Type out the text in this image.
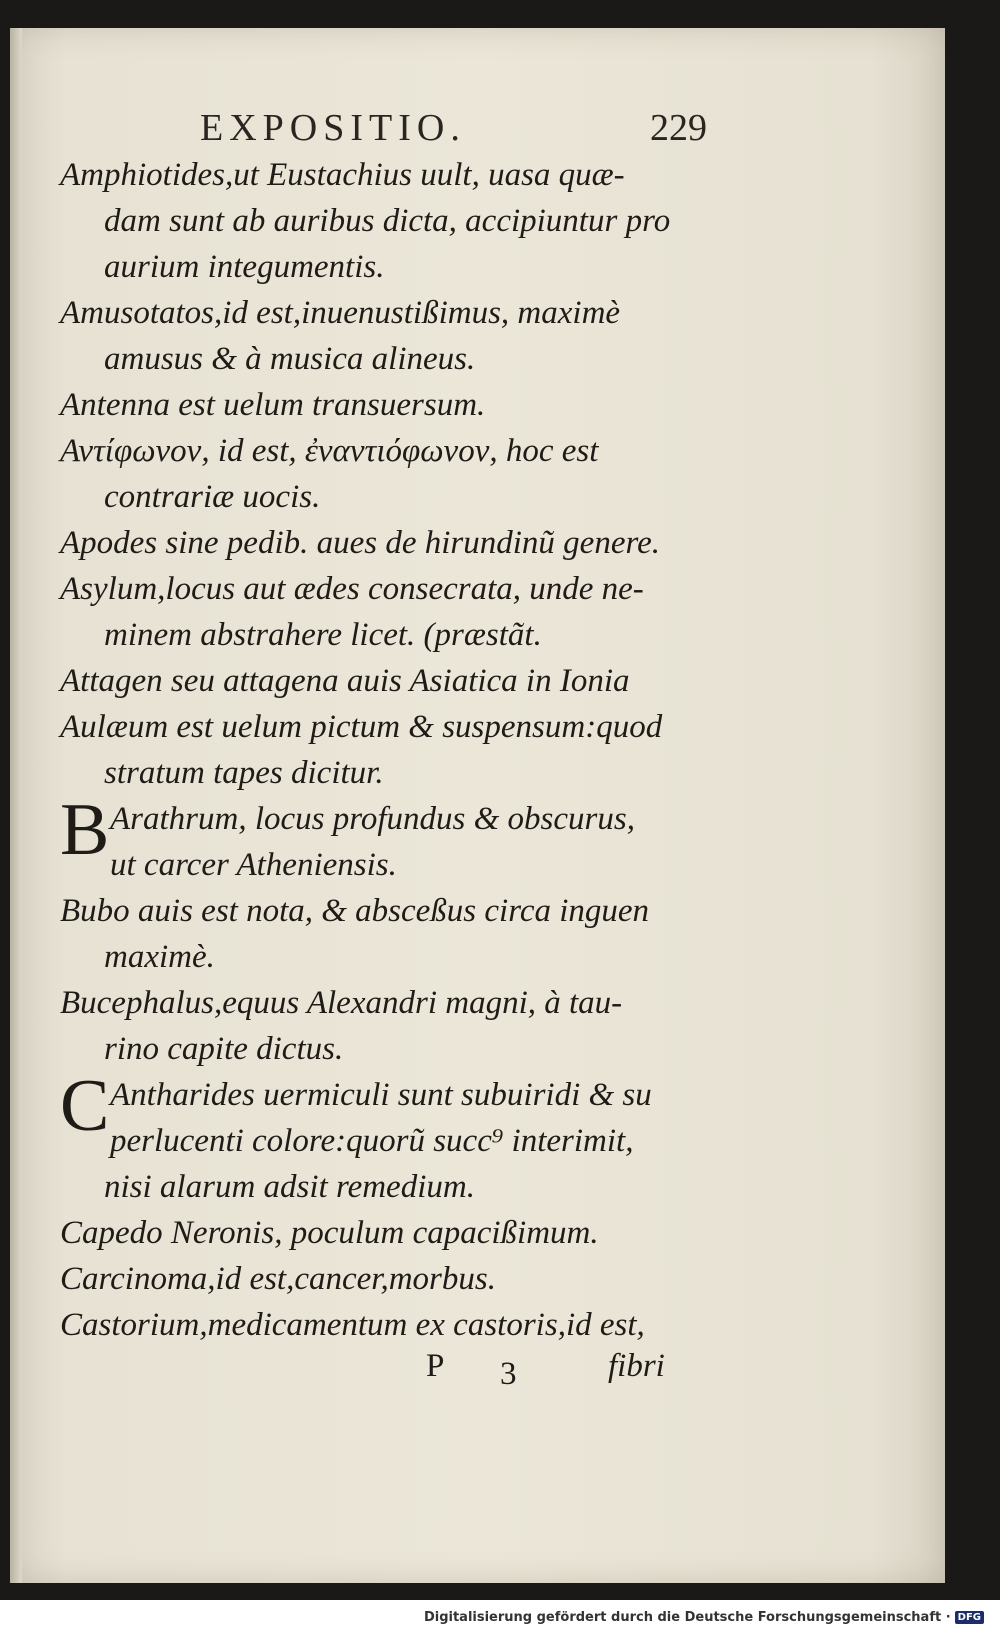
EXPOSITIO.	229
Amphiotides,ut Eustachius uult, uasa quæ-
dam sunt ab auribus dicta, accipiuntur pro
aurium integumentis.
Amusotatos,id est,inuenustißimus, maximè
amusus & à musica alineus.
Antenna est uelum transuersum.
Αντίφωνον, id est, ἐναντιόφωνον, hoc est
contrariæ uocis.
Apodes sine pedib. aues de hirundinũ genere.
Asylum,locus aut ædes consecrata, unde ne-
minem abstrahere licet. (præstãt.
Attagen seu attagena auis Asiatica in Ionia
Aulæum est uelum pictum & suspensum:quod
stratum tapes dicitur.
B Arathrum, locus profundus & obscurus,
ut carcer Atheniensis.
Bubo auis est nota, & absceßus circa inguen
maximè.
Bucephalus,equus Alexandri magni, à tau-
rino capite dictus.
C Antharides uermiculi sunt subuiridi & su
perlucenti colore:quorũ succ⁹ interimit,
nisi alarum adsit remedium.
Capedo Neronis, poculum capacißimum.
Carcinoma,id est,cancer,morbus.
Castorium,medicamentum ex castoris,id est,
P 3	fibri
Digitalisierung gefördert durch die Deutsche Forschungsgemeinschaft · DFG
